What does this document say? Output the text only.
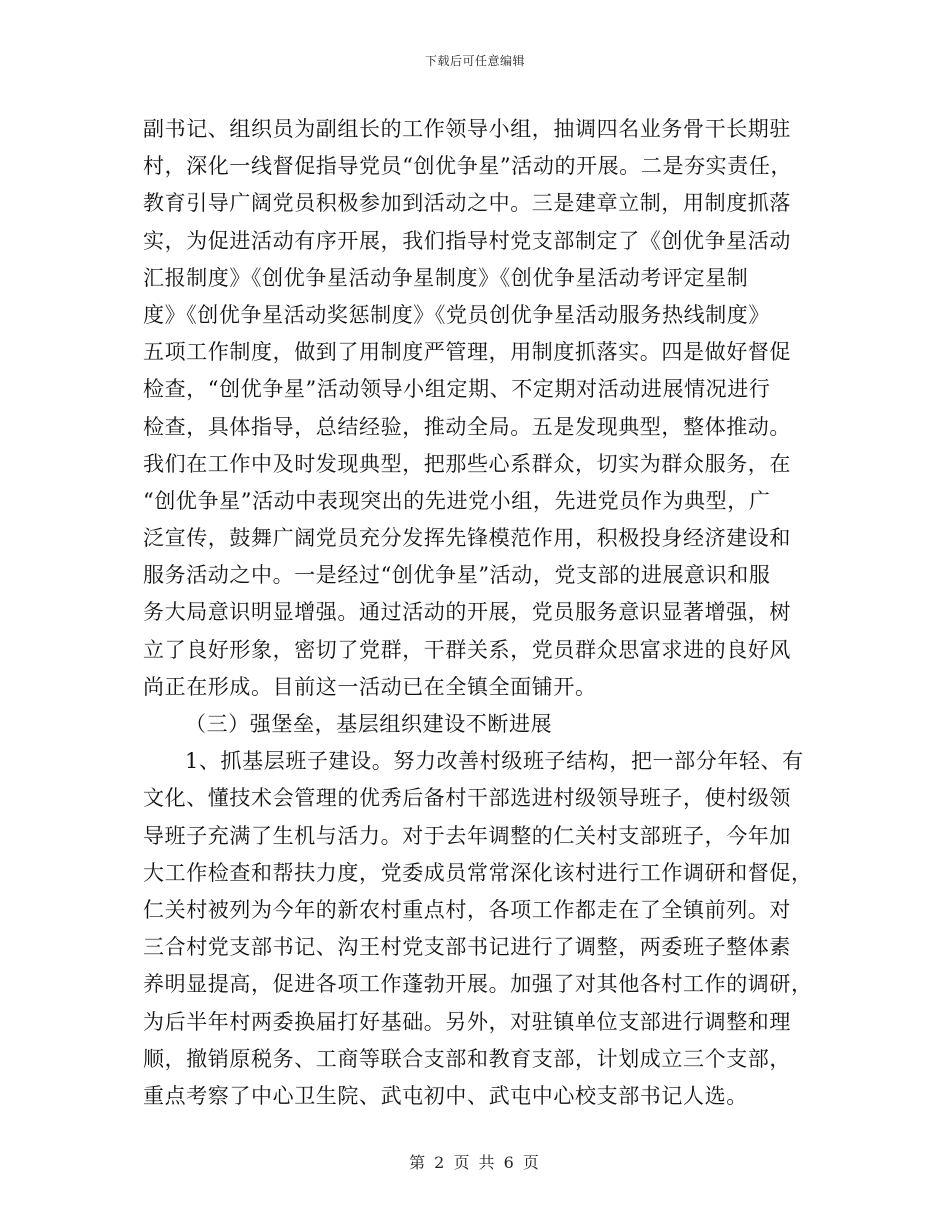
下载后可任意编辑
副书记、组织员为副组长的工作领导小组，抽调四名业务骨干长期驻
村，深化一线督促指导党员“创优争星”活动的开展。二是夯实责任，
教育引导广阔党员积极参加到活动之中。三是建章立制，用制度抓落
实，为促进活动有序开展，我们指导村党支部制定了《创优争星活动
汇报制度》《创优争星活动争星制度》《创优争星活动考评定星制
度》《创优争星活动奖惩制度》《党员创优争星活动服务热线制度》
五项工作制度，做到了用制度严管理，用制度抓落实。四是做好督促
检查，“创优争星”活动领导小组定期、不定期对活动进展情况进行
检查，具体指导，总结经验，推动全局。五是发现典型，整体推动。
我们在工作中及时发现典型，把那些心系群众，切实为群众服务，在
“创优争星”活动中表现突出的先进党小组，先进党员作为典型，广
泛宣传，鼓舞广阔党员充分发挥先锋模范作用，积极投身经济建设和
服务活动之中。一是经过“创优争星”活动，党支部的进展意识和服
务大局意识明显增强。通过活动的开展，党员服务意识显著增强，树
立了良好形象，密切了党群，干群关系，党员群众思富求进的良好风
尚正在形成。目前这一活动已在全镇全面铺开。
（三）强堡垒，基层组织建设不断进展
1、抓基层班子建设。努力改善村级班子结构，把一部分年轻、有
文化、懂技术会管理的优秀后备村干部选进村级领导班子，使村级领
导班子充满了生机与活力。对于去年调整的仁关村支部班子，今年加
大工作检查和帮扶力度，党委成员常常深化该村进行工作调研和督促，
仁关村被列为今年的新农村重点村，各项工作都走在了全镇前列。对
三合村党支部书记、沟王村党支部书记进行了调整，两委班子整体素
养明显提高，促进各项工作蓬勃开展。加强了对其他各村工作的调研，
为后半年村两委换届打好基础。另外，对驻镇单位支部进行调整和理
顺，撤销原税务、工商等联合支部和教育支部，计划成立三个支部，
重点考察了中心卫生院、武屯初中、武屯中心校支部书记人选。
第 2 页 共 6 页
